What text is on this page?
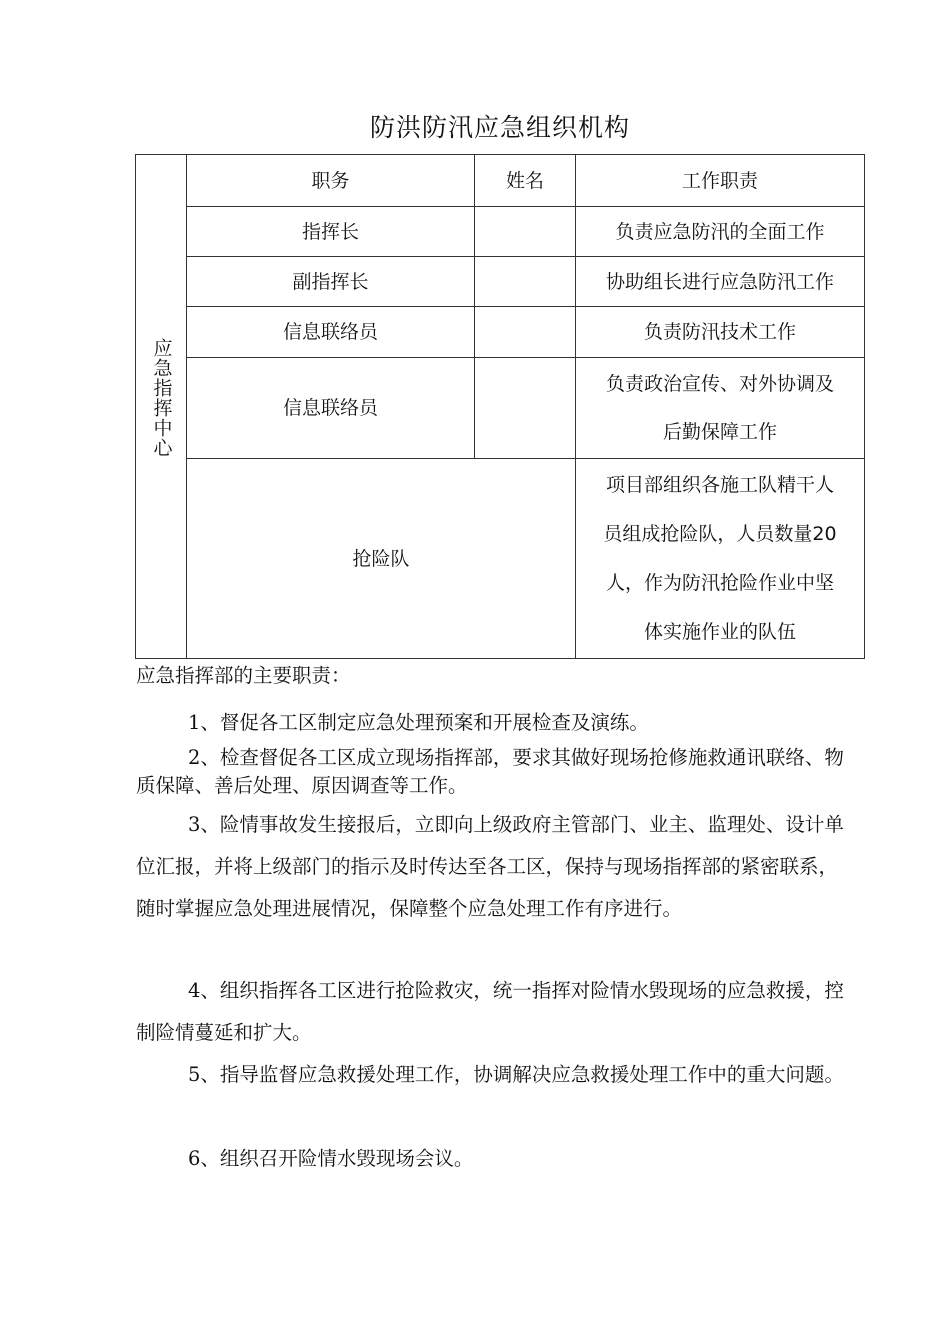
防洪防汛应急组织机构
应急指挥中心	职务	姓名	工作职责
	指挥长		负责应急防汛的全面工作
	副指挥长		协助组长进行应急防汛工作
	信息联络员		负责防汛技术工作
	信息联络员		负责政治宣传、对外协调及
后勤保障工作

	抢险队		项目部组织各施工队精干人
员组成抢险队，人员数量20
人，作为防汛抢险作业中坚
体实施作业的队伍
应急指挥部的主要职责：

1、督促各工区制定应急处理预案和开展检查及演练。

2、检查督促各工区成立现场指挥部，要求其做好现场抢修施救通讯联络、物质保障、善后处理、原因调查等工作。

3、险情事故发生接报后，立即向上级政府主管部门、业主、监理处、设计单位汇报，并将上级部门的指示及时传达至各工区，保持与现场指挥部的紧密联系，随时掌握应急处理进展情况，保障整个应急处理工作有序进行。

4、组织指挥各工区进行抢险救灾，统一指挥对险情水毁现场的应急救援，控制险情蔓延和扩大。

5、指导监督应急救援处理工作，协调解决应急救援处理工作中的重大问题。

6、组织召开险情水毁现场会议。
